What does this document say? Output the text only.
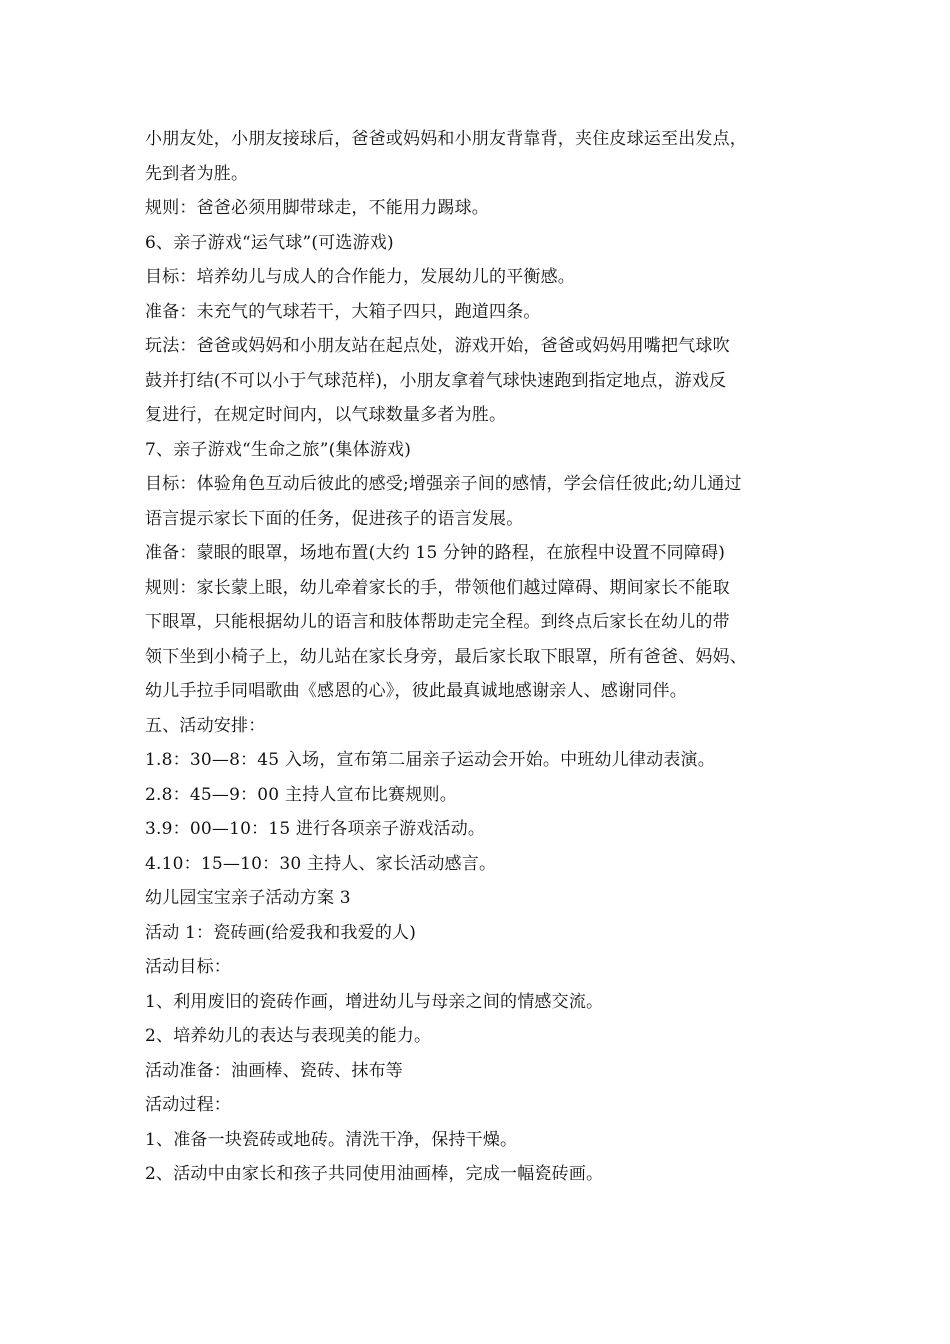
小朋友处，小朋友接球后，爸爸或妈妈和小朋友背靠背，夹住皮球运至出发点，
先到者为胜。
规则：爸爸必须用脚带球走，不能用力踢球。
6、亲子游戏“运气球”(可选游戏)
目标：培养幼儿与成人的合作能力，发展幼儿的平衡感。
准备：未充气的气球若干，大箱子四只，跑道四条。
玩法：爸爸或妈妈和小朋友站在起点处，游戏开始，爸爸或妈妈用嘴把气球吹
鼓并打结(不可以小于气球范样)，小朋友拿着气球快速跑到指定地点，游戏反
复进行，在规定时间内，以气球数量多者为胜。
7、亲子游戏“生命之旅”(集体游戏)
目标：体验角色互动后彼此的感受;增强亲子间的感情，学会信任彼此;幼儿通过
语言提示家长下面的任务，促进孩子的语言发展。
准备：蒙眼的眼罩，场地布置(大约 15 分钟的路程，在旅程中设置不同障碍)
规则：家长蒙上眼，幼儿牵着家长的手，带领他们越过障碍、期间家长不能取
下眼罩，只能根据幼儿的语言和肢体帮助走完全程。到终点后家长在幼儿的带
领下坐到小椅子上，幼儿站在家长身旁，最后家长取下眼罩，所有爸爸、妈妈、
幼儿手拉手同唱歌曲《感恩的心》，彼此最真诚地感谢亲人、感谢同伴。
五、活动安排：
1.8：30—8：45 入场，宣布第二届亲子运动会开始。中班幼儿律动表演。
2.8：45—9：00 主持人宣布比赛规则。
3.9：00—10：15 进行各项亲子游戏活动。
4.10：15—10：30 主持人、家长活动感言。
幼儿园宝宝亲子活动方案 3
活动 1：瓷砖画(给爱我和我爱的人)
活动目标：
1、利用废旧的瓷砖作画，增进幼儿与母亲之间的情感交流。
2、培养幼儿的表达与表现美的能力。
活动准备：油画棒、瓷砖、抹布等
活动过程：
1、准备一块瓷砖或地砖。清洗干净，保持干燥。
2、活动中由家长和孩子共同使用油画棒，完成一幅瓷砖画。
